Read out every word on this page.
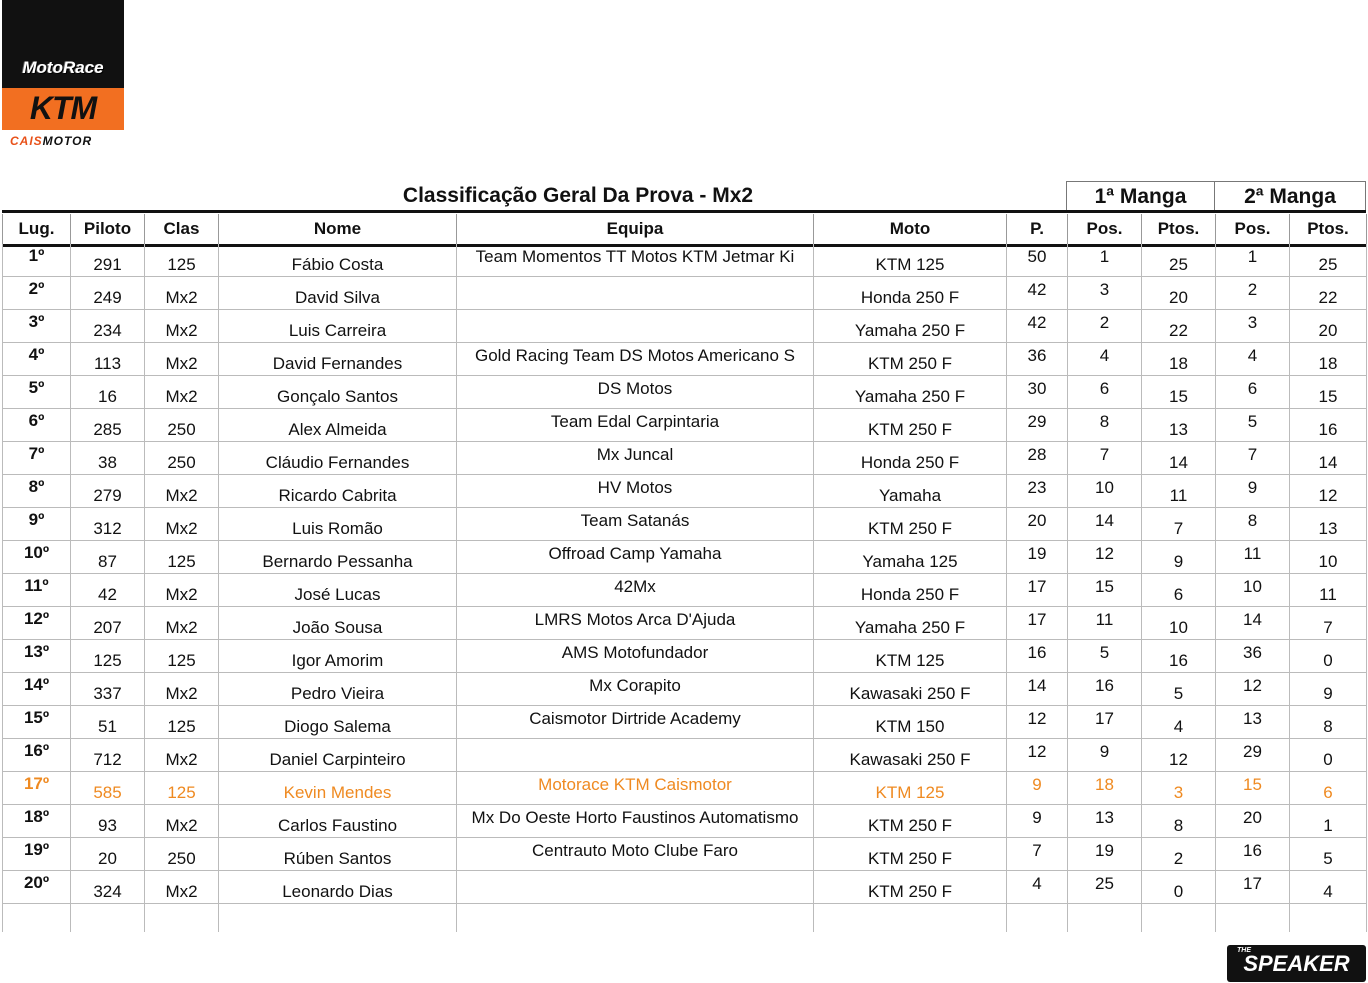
MotoRace
KTM
CAISMOTOR
Classificação Geral Da Prova - Mx2	1ª Manga	2ª Manga
Lug.	Piloto	Clas	Nome	Equipa	Moto	P.	Pos.	Ptos.	Pos.	Ptos.
1º	291	125	Fábio Costa	Team Momentos TT Motos KTM Jetmar Ki	KTM 125	50	1	25	1	25
2º	249	Mx2	David Silva		Honda 250 F	42	3	20	2	22
3º	234	Mx2	Luis Carreira		Yamaha 250 F	42	2	22	3	20
4º	113	Mx2	David Fernandes	Gold Racing Team DS Motos Americano S	KTM 250 F	36	4	18	4	18
5º	16	Mx2	Gonçalo Santos	DS Motos	Yamaha 250 F	30	6	15	6	15
6º	285	250	Alex Almeida	Team Edal Carpintaria	KTM 250 F	29	8	13	5	16
7º	38	250	Cláudio Fernandes	Mx Juncal	Honda 250 F	28	7	14	7	14
8º	279	Mx2	Ricardo Cabrita	HV Motos	Yamaha	23	10	11	9	12
9º	312	Mx2	Luis Romão	Team Satanás	KTM 250 F	20	14	7	8	13
10º	87	125	Bernardo Pessanha	Offroad Camp Yamaha	Yamaha 125	19	12	9	11	10
11º	42	Mx2	José Lucas	42Mx	Honda 250 F	17	15	6	10	11
12º	207	Mx2	João Sousa	LMRS Motos Arca D'Ajuda	Yamaha 250 F	17	11	10	14	7
13º	125	125	Igor Amorim	AMS Motofundador	KTM 125	16	5	16	36	0
14º	337	Mx2	Pedro Vieira	Mx Corapito	Kawasaki 250 F	14	16	5	12	9
15º	51	125	Diogo Salema	Caismotor Dirtride Academy	KTM 150	12	17	4	13	8
16º	712	Mx2	Daniel Carpinteiro		Kawasaki 250 F	12	9	12	29	0
17º	585	125	Kevin Mendes	Motorace KTM Caismotor	KTM 125	9	18	3	15	6
18º	93	Mx2	Carlos Faustino	Mx Do Oeste Horto Faustinos Automatismo	KTM 250 F	9	13	8	20	1
19º	20	250	Rúben Santos	Centrauto Moto Clube Faro	KTM 250 F	7	19	2	16	5
20º	324	Mx2	Leonardo Dias		KTM 250 F	4	25	0	17	4

THE
SPEAKER
